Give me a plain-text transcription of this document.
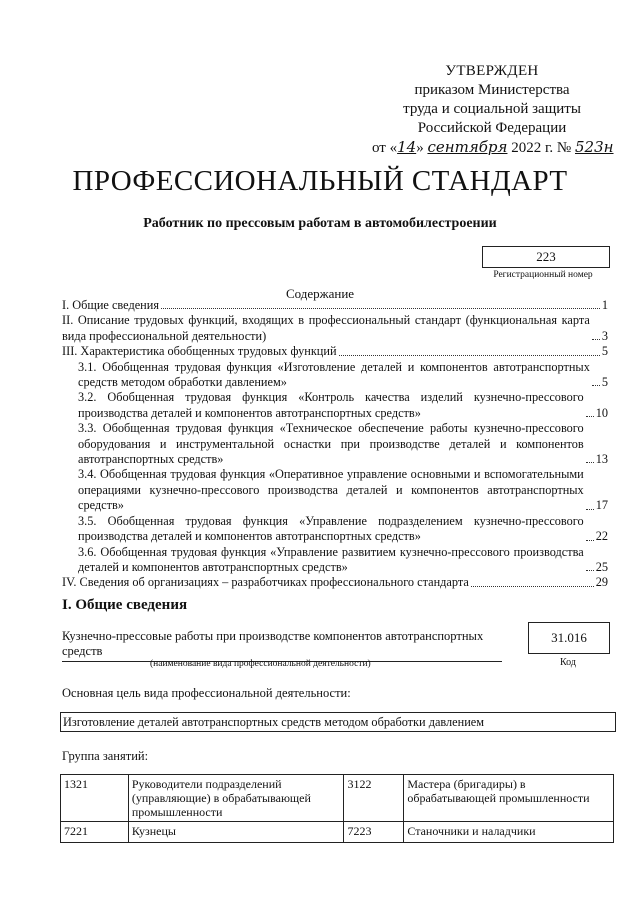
УТВЕРЖДЕН
приказом Министерства
труда и социальной защиты
Российской Федерации
от «14» сентября 2022 г. № 523н
ПРОФЕССИОНАЛЬНЫЙ СТАНДАРТ
Работник по прессовым работам в автомобилестроении
223
Регистрационный номер
Содержание
I. Общие сведения	1
II. Описание трудовых функций, входящих в профессиональный стандарт (функциональная карта вида профессиональной деятельности)	3
III. Характеристика обобщенных трудовых функций	5
3.1. Обобщенная трудовая функция «Изготовление деталей и компонентов автотранспортных средств методом обработки давлением»	5
3.2. Обобщенная трудовая функция «Контроль качества изделий кузнечно-прессового производства деталей и компонентов автотранспортных средств»	10
3.3. Обобщенная трудовая функция «Техническое обеспечение работы кузнечно-прессового оборудования и инструментальной оснастки при производстве деталей и компонентов автотранспортных средств»	13
3.4. Обобщенная трудовая функция «Оперативное управление основными и вспомогательными операциями кузнечно-прессового производства деталей и компонентов автотранспортных средств»	17
3.5. Обобщенная трудовая функция «Управление подразделением кузнечно-прессового производства деталей и компонентов автотранспортных средств»	22
3.6. Обобщенная трудовая функция «Управление развитием кузнечно-прессового производства деталей и компонентов автотранспортных средств»	25
IV. Сведения об организациях – разработчиках профессионального стандарта	29
I. Общие сведения
Кузнечно-прессовые работы при производстве компонентов автотранспортных средств
(наименование вида профессиональной деятельности)
31.016
Код
Основная цель вида профессиональной деятельности:
Изготовление деталей автотранспортных средств методом обработки давлением
Группа занятий:
1321	Руководители подразделений (управляющие) в обрабатывающей промышленности	3122	Мастера (бригадиры) в обрабатывающей промышленности
7221	Кузнецы	7223	Станочники и наладчики
